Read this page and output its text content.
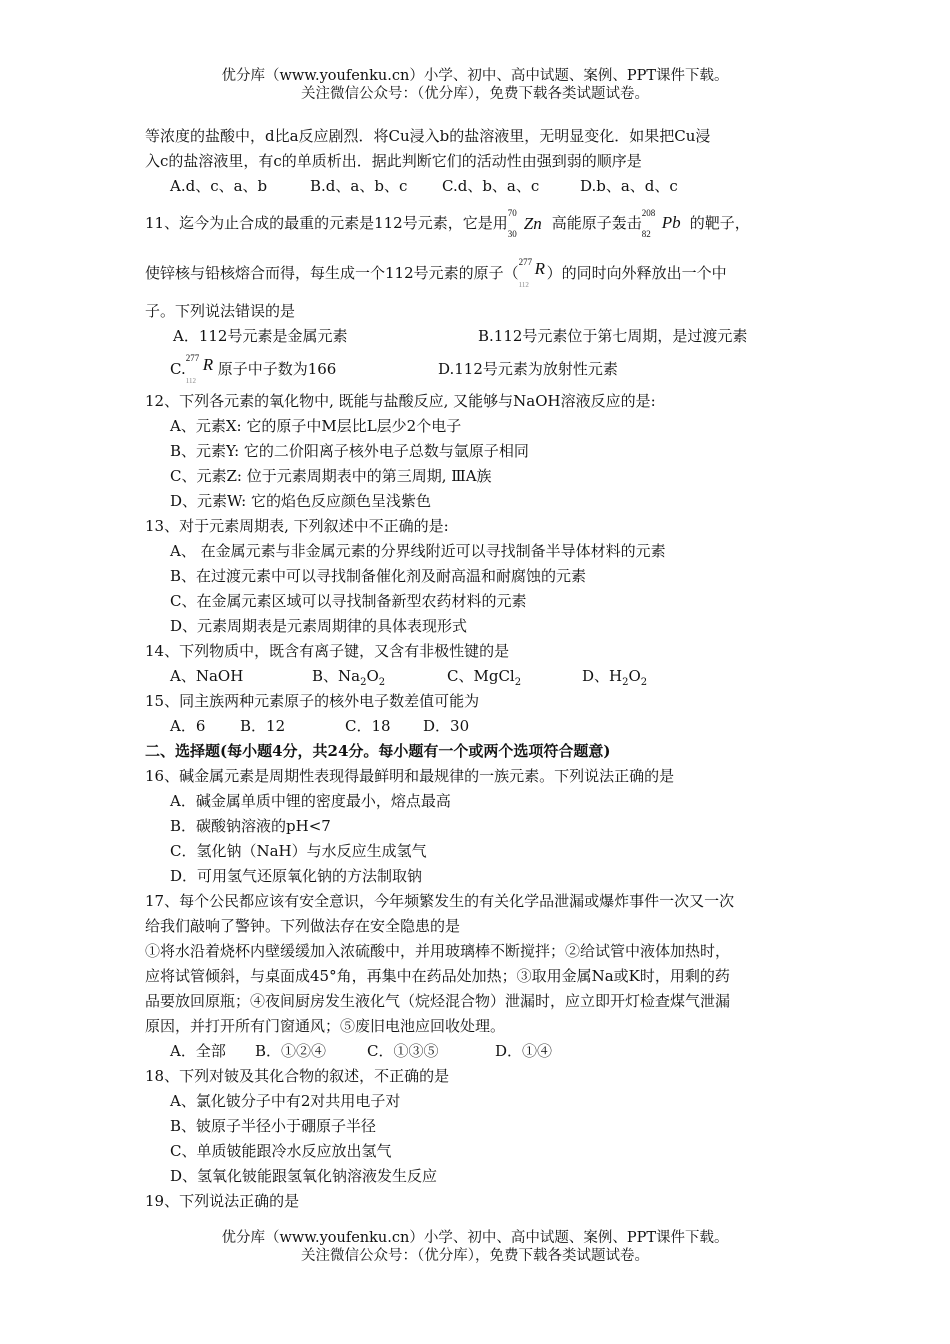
优分库（www.youfenku.cn）小学、初中、高中试题、案例、PPT课件下载。
关注微信公众号：（优分库），免费下载各类试题试卷。
等浓度的盐酸中，d比a反应剧烈．将Cu浸入b的盐溶液里，无明显变化．如果把Cu浸
入c的盐溶液里，有c的单质析出．据此判断它们的活动性由强到弱的顺序是
A.d、c、a、b	B.d、a、b、c C.d、b、a、c	D.b、a、d、c
11、迄今为止合成的最重的元素是112号元素，它是用
70
30
Zn 高能原子轰击
208
82
Pb 的靶子，
使锌核与铅核熔合而得，每生成一个112号元素的原子（
277
112
R ）的同时向外释放出一个中
子。下列说法错误的是
A．112号元素是金属元素	B.112号元素位于第七周期，是过渡元素
C.
277
112
R 原子中子数为166	D.112号元素为放射性元素
12、下列各元素的氧化物中, 既能与盐酸反应, 又能够与NaOH溶液反应的是:
A、元素X: 它的原子中M层比L层少2个电子
B、元素Y: 它的二价阳离子核外电子总数与氩原子相同
C、元素Z: 位于元素周期表中的第三周期, ⅢA族
D、元素W: 它的焰色反应颜色呈浅紫色
13、对于元素周期表, 下列叙述中不正确的是:
A、 在金属元素与非金属元素的分界线附近可以寻找制备半导体材料的元素
B、在过渡元素中可以寻找制备催化剂及耐高温和耐腐蚀的元素
C、在金属元素区域可以寻找制备新型农药材料的元素
D、元素周期表是元素周期律的具体表现形式
14、下列物质中，既含有离子键，又含有非极性键的是
A、NaOH	B、$Na_2O_2$	C、MgCl$_2$	D、$H_2O_2$
15、同主族两种元素原子的核外电子数差值可能为
A．6 B．12	C．18 D．30
二、选择题(每小题4分，共24分。每小题有一个或两个选项符合题意)
16、碱金属元素是周期性表现得最鲜明和最规律的一族元素。下列说法正确的是
A．碱金属单质中锂的密度最小，熔点最高
B．碳酸钠溶液的pH<7
C．氢化钠（NaH）与水反应生成氢气
D．可用氢气还原氧化钠的方法制取钠
17、每个公民都应该有安全意识，今年频繁发生的有关化学品泄漏或爆炸事件一次又一次
给我们敲响了警钟。下列做法存在安全隐患的是
①将水沿着烧杯内壁缓缓加入浓硫酸中，并用玻璃棒不断搅拌；②给试管中液体加热时，
应将试管倾斜，与桌面成45°角，再集中在药品处加热；③取用金属Na或K时，用剩的药
品要放回原瓶；④夜间厨房发生液化气（烷烃混合物）泄漏时，应立即开灯检查煤气泄漏
原因，并打开所有门窗通风；⑤废旧电池应回收处理。
A．全部 B．①②④	C．①③⑤	D．①④
18、下列对铍及其化合物的叙述，不正确的是
A、氯化铍分子中有2对共用电子对
B、铍原子半径小于硼原子半径
C、单质铍能跟冷水反应放出氢气
D、氢氧化铍能跟氢氧化钠溶液发生反应
19、下列说法正确的是
优分库（www.youfenku.cn）小学、初中、高中试题、案例、PPT课件下载。
关注微信公众号：（优分库），免费下载各类试题试卷。
